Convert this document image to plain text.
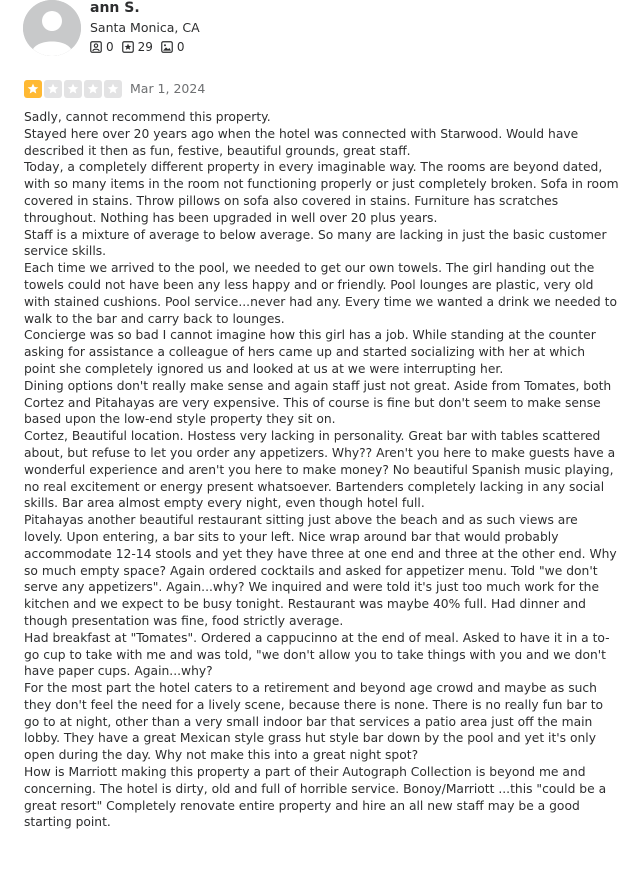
ann S.
Santa Monica, CA
0 29 0
Mar 1, 2024

Sadly, cannot recommend this property.

Stayed here over 20 years ago when the hotel was connected with Starwood. Would have described it then as fun, festive, beautiful grounds, great staff.

Today, a completely different property in every imaginable way. The rooms are beyond dated, with so many items in the room not functioning properly or just completely broken. Sofa in room covered in stains. Throw pillows on sofa also covered in stains. Furniture has scratches throughout. Nothing has been upgraded in well over 20 plus years.

Staff is a mixture of average to below average. So many are lacking in just the basic customer service skills.

Each time we arrived to the pool, we needed to get our own towels. The girl handing out the towels could not have been any less happy and or friendly. Pool lounges are plastic, very old with stained cushions. Pool service...never had any. Every time we wanted a drink we needed to walk to the bar and carry back to lounges.

Concierge was so bad I cannot imagine how this girl has a job. While standing at the counter asking for assistance a colleague of hers came up and started socializing with her at which point she completely ignored us and looked at us at we were interrupting her.

Dining options don't really make sense and again staff just not great. Aside from Tomates, both Cortez and Pitahayas are very expensive. This of course is fine but don't seem to make sense based upon the low-end style property they sit on.

Cortez, Beautiful location. Hostess very lacking in personality. Great bar with tables scattered about, but refuse to let you order any appetizers. Why?? Aren't you here to make guests have a wonderful experience and aren't you here to make money? No beautiful Spanish music playing, no real excitement or energy present whatsoever. Bartenders completely lacking in any social skills. Bar area almost empty every night, even though hotel full.

Pitahayas another beautiful restaurant sitting just above the beach and as such views are lovely. Upon entering, a bar sits to your left. Nice wrap around bar that would probably accommodate 12-14 stools and yet they have three at one end and three at the other end. Why so much empty space? Again ordered cocktails and asked for appetizer menu. Told "we don't serve any appetizers". Again...why? We inquired and were told it's just too much work for the kitchen and we expect to be busy tonight. Restaurant was maybe 40% full. Had dinner and though presentation was fine, food strictly average.

Had breakfast at "Tomates". Ordered a cappucinno at the end of meal. Asked to have it in a to-go cup to take with me and was told, "we don't allow you to take things with you and we don't have paper cups. Again...why?

For the most part the hotel caters to a retirement and beyond age crowd and maybe as such they don't feel the need for a lively scene, because there is none. There is no really fun bar to go to at night, other than a very small indoor bar that services a patio area just off the main lobby. They have a great Mexican style grass hut style bar down by the pool and yet it's only open during the day. Why not make this into a great night spot?

How is Marriott making this property a part of their Autograph Collection is beyond me and concerning. The hotel is dirty, old and full of horrible service. Bonoy/Marriott ...this "could be a great resort" Completely renovate entire property and hire an all new staff may be a good starting point.
